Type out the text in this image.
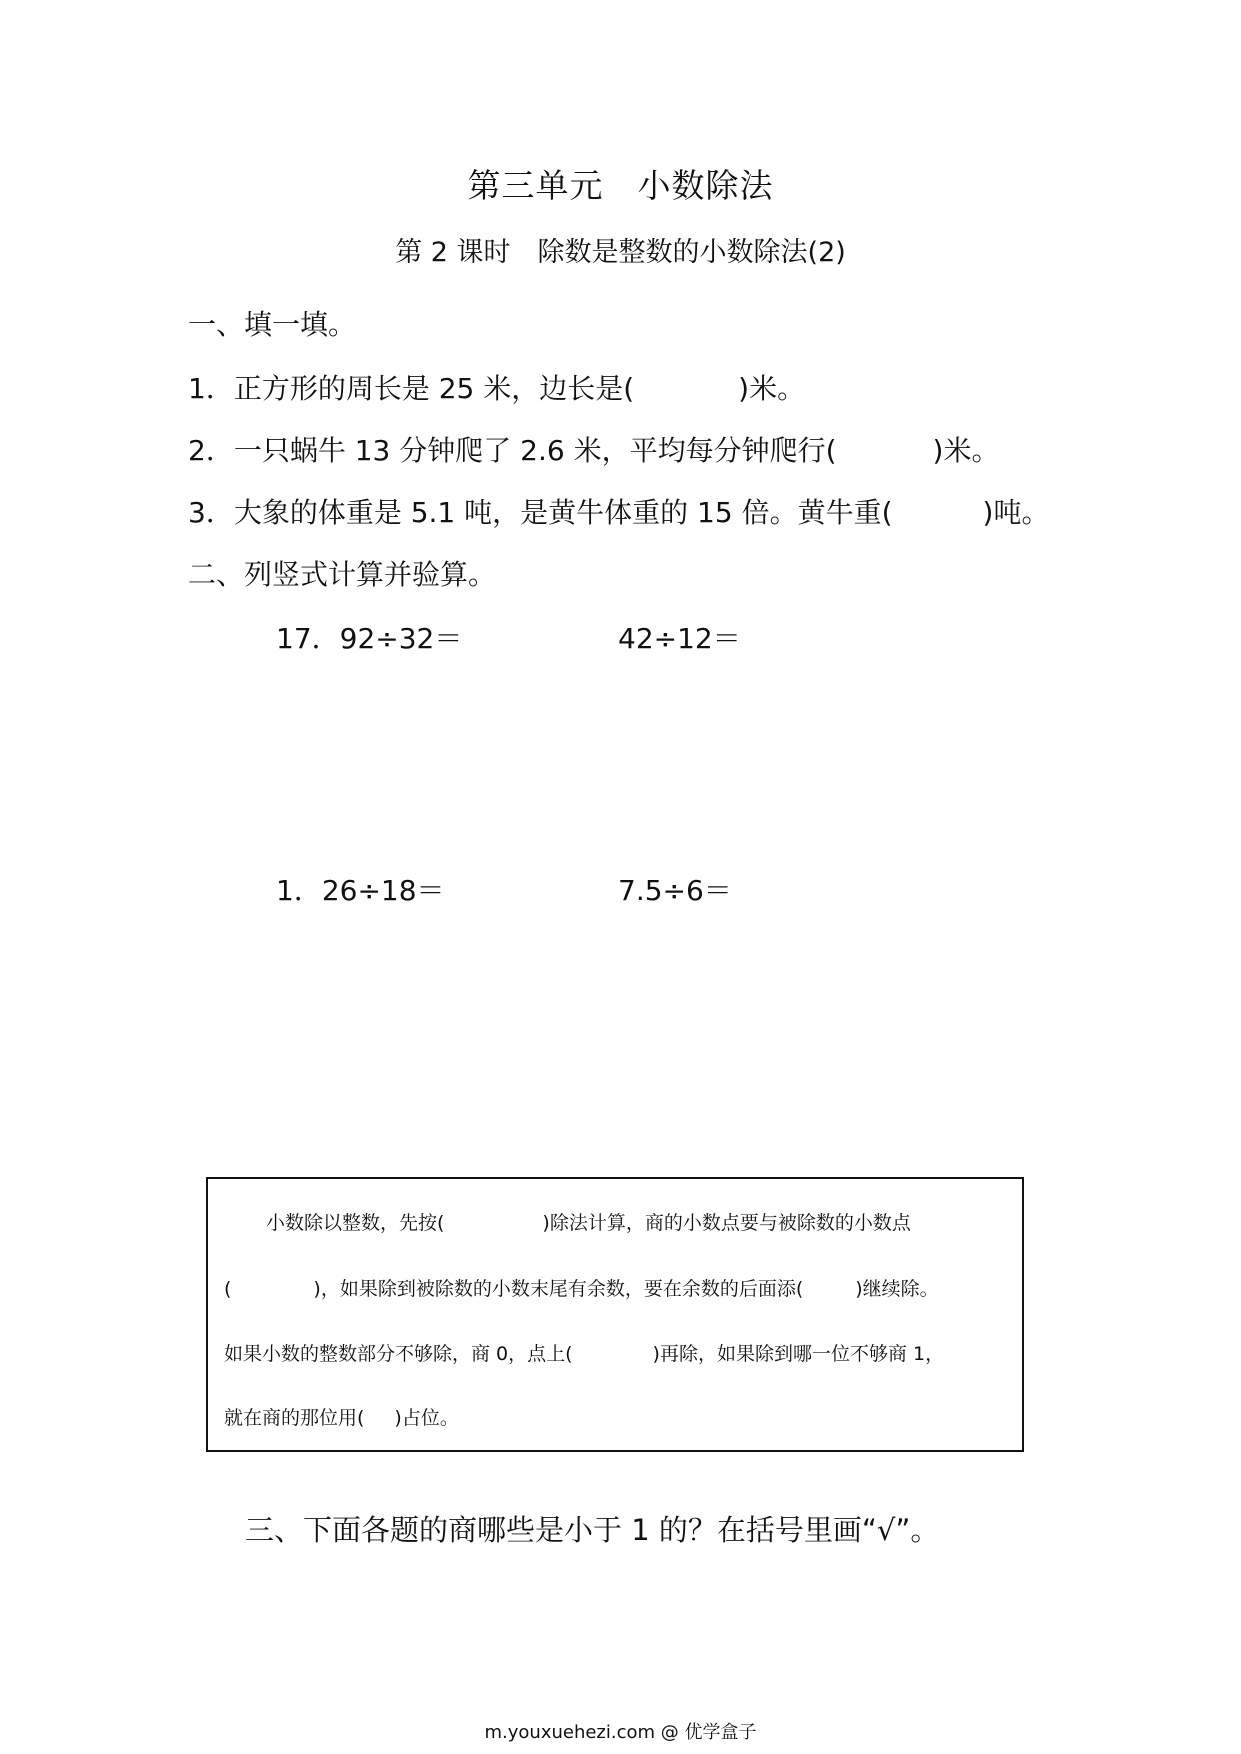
第三单元　小数除法
第 2 课时　除数是整数的小数除法(2)
一、填一填。
1．正方形的周长是 25 米，边长是(	)米。
2．一只蜗牛 13 分钟爬了 2.6 米，平均每分钟爬行(	)米。
3．大象的体重是 5.1 吨，是黄牛体重的 15 倍。黄牛重(	)吨。
二、列竖式计算并验算。
17．92÷32＝	42÷12＝
1．26÷18＝	7.5÷6＝
小数除以整数，先按(	)除法计算，商的小数点要与被除数的小数点
(	)，如果除到被除数的小数末尾有余数，要在余数的后面添(	)继续除。
如果小数的整数部分不够除，商 0，点上(	)再除，如果除到哪一位不够商 1，
就在商的那位用( )占位。
三、下面各题的商哪些是小于 1 的？在括号里画“√”。
m.youxuehezi.com @ 优学盒子
